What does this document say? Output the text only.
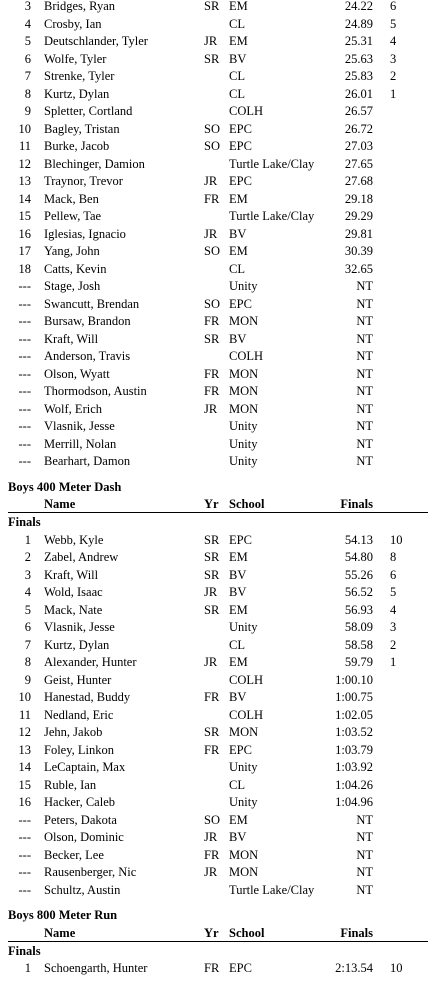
3 Bridges, Ryan	SR EM	24.22 6
4 Crosby, Ian	CL	24.89 5
5 Deutschlander, Tyler	JR EM	25.31 4
6 Wolfe, Tyler	SR BV	25.63 3
7 Strenke, Tyler	CL	25.83 2
8 Kurtz, Dylan	CL	26.01 1
9 Spletter, Cortland	COLH	26.57
10 Bagley, Tristan	SO EPC	26.72
11 Burke, Jacob	SO EPC	27.03
12 Blechinger, Damion	Turtle Lake/Clay 27.65
13 Traynor, Trevor	JR EPC	27.68
14 Mack, Ben	FR EM	29.18
15 Pellew, Tae	Turtle Lake/Clay 29.29
16 Iglesias, Ignacio	JR BV	29.81
17 Yang, John	SO EM	30.39
18 Catts, Kevin	CL	32.65
--- Stage, Josh	Unity	NT
--- Swancutt, Brendan	SO EPC	NT
--- Bursaw, Brandon	FR MON	NT
--- Kraft, Will	SR BV	NT
--- Anderson, Travis	COLH	NT
--- Olson, Wyatt	FR MON	NT
--- Thormodson, Austin	FR MON	NT
--- Wolf, Erich	JR MON	NT
--- Vlasnik, Jesse	Unity	NT
--- Merrill, Nolan	Unity	NT
--- Bearhart, Damon	Unity	NT
Boys 400 Meter Dash
Name	Yr School	Finals
Finals
1 Webb, Kyle	SR EPC	54.13 10
2 Zabel, Andrew	SR EM	54.80 8
3 Kraft, Will	SR BV	55.26 6
4 Wold, Isaac	JR BV	56.52 5
5 Mack, Nate	SR EM	56.93 4
6 Vlasnik, Jesse	Unity	58.09 3
7 Kurtz, Dylan	CL	58.58 2
8 Alexander, Hunter	JR EM	59.79 1
9 Geist, Hunter	COLH	1:00.10
10 Hanestad, Buddy	FR BV	1:00.75
11 Nedland, Eric	COLH	1:02.05
12 Jehn, Jakob	SR MON	1:03.52
13 Foley, Linkon	FR EPC	1:03.79
14 LeCaptain, Max	Unity	1:03.92
15 Ruble, Ian	CL	1:04.26
16 Hacker, Caleb	Unity	1:04.96
--- Peters, Dakota	SO EM	NT
--- Olson, Dominic	JR BV	NT
--- Becker, Lee	FR MON	NT
--- Rausenberger, Nic	JR MON	NT
--- Schultz, Austin	Turtle Lake/Clay	NT
Boys 800 Meter Run
Name	Yr School	Finals
Finals
1 Schoengarth, Hunter	FR EPC	2:13.54 10
